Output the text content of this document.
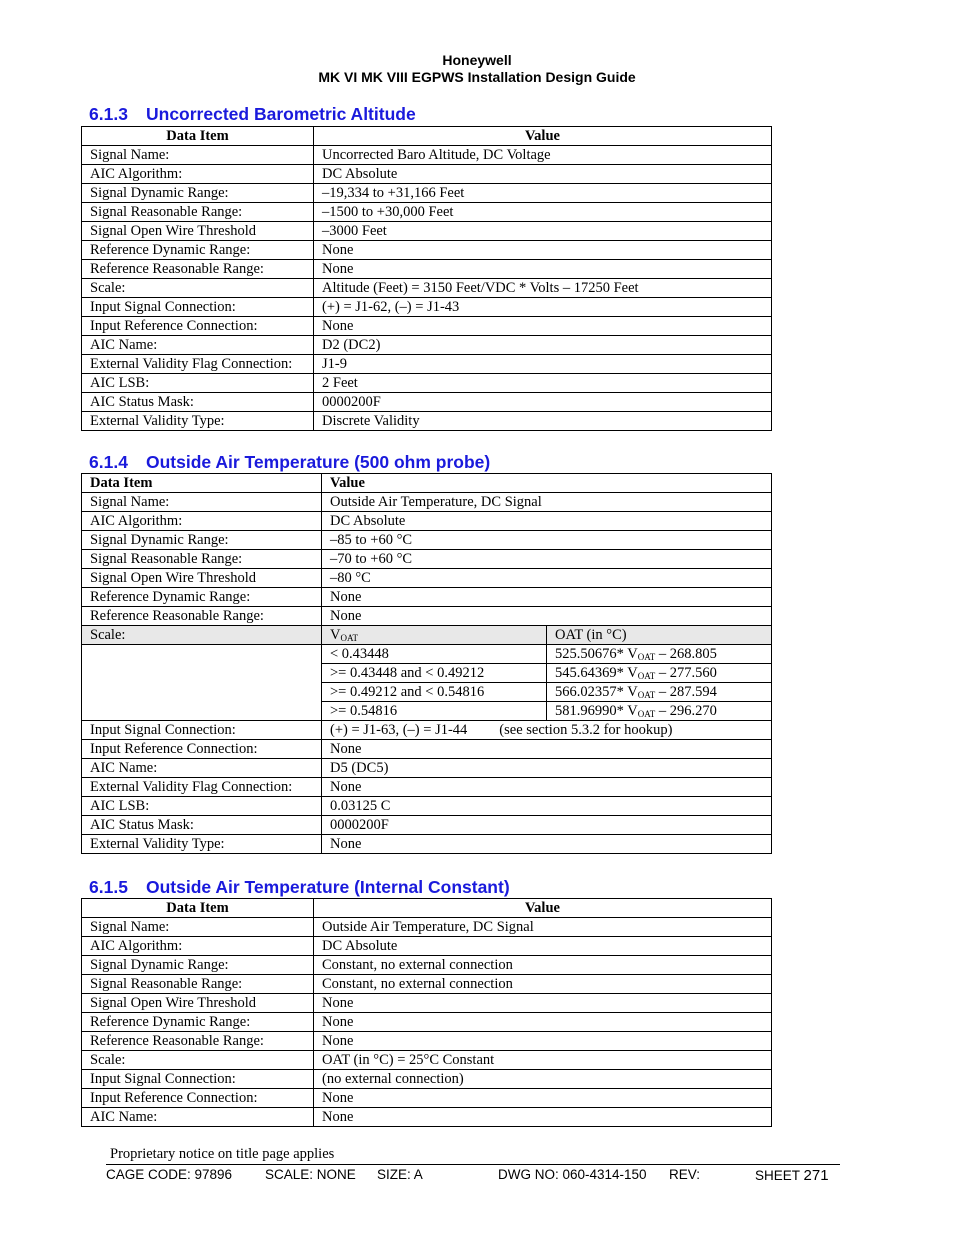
Honeywell
MK VI MK VIII EGPWS Installation Design Guide
6.1.3 Uncorrected Barometric Altitude
Data Item	Value
Signal Name:	Uncorrected Baro Altitude, DC Voltage
AIC Algorithm:	DC Absolute
Signal Dynamic Range:	–19,334 to +31,166 Feet
Signal Reasonable Range:	–1500 to +30,000 Feet
Signal Open Wire Threshold	–3000 Feet
Reference Dynamic Range:	None
Reference Reasonable Range:	None
Scale:	Altitude (Feet) = 3150 Feet/VDC * Volts – 17250 Feet
Input Signal Connection:	(+) = J1-62, (–) = J1-43
Input Reference Connection:	None
AIC Name:	D2 (DC2)
External Validity Flag Connection:	J1-9
AIC LSB:	2 Feet
AIC Status Mask:	0000200F
External Validity Type:	Discrete Validity
6.1.4 Outside Air Temperature (500 ohm probe)
Data Item	Value	
Signal Name:	Outside Air Temperature, DC Signal	
AIC Algorithm:	DC Absolute	
Signal Dynamic Range:	–85 to +60 °C	
Signal Reasonable Range:	–70 to +60 °C	
Signal Open Wire Threshold	–80 °C	
Reference Dynamic Range:	None	
Reference Reasonable Range:	None	
Scale:	$V_{OAT}$	OAT (in °C)
	< 0.43448	525.50676* $V_{OAT} - 268.805$
	>= 0.43448 and < 0.49212	545.64369* $V_{OAT} - 277.560$
	>= 0.49212 and < 0.54816	566.02357* $V_{OAT} - 287.594$
	>= 0.54816	581.96990* $V_{OAT} - 296.270$
Input Signal Connection:	(+) = J1-63, (–) = J1-44 (see section 5.3.2 for hookup)	
Input Reference Connection:	None	
AIC Name:	D5 (DC5)	
External Validity Flag Connection:	None	
AIC LSB:	0.03125 C	
AIC Status Mask:	0000200F	
External Validity Type:	None	
6.1.5 Outside Air Temperature (Internal Constant)
Data Item	Value
Signal Name:	Outside Air Temperature, DC Signal
AIC Algorithm:	DC Absolute
Signal Dynamic Range:	Constant, no external connection
Signal Reasonable Range:	Constant, no external connection
Signal Open Wire Threshold	None
Reference Dynamic Range:	None
Reference Reasonable Range:	None
Scale:	OAT (in °C) = 25°C Constant
Input Signal Connection:	(no external connection)
Input Reference Connection:	None
AIC Name:	None
Proprietary notice on title page applies
CAGE CODE: 97896 SCALE: NONE SIZE: A	DWG NO: 060-4314-150 REV:	SHEET 271
